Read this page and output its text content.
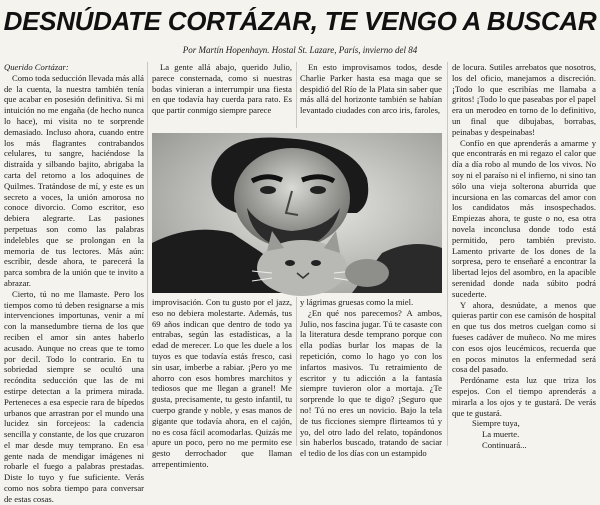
DESNÚDATE CORTÁZAR, TE VENGO A BUSCAR
Por Martín Hopenhayn. Hostal St. Lazare, París, invierno del 84

Querido Cortázar:

Como toda seducción llevada más allá de la cuenta, la nuestra también tenía que acabar en posesión definitiva. Si mi intuición no me engaña (de hecho nunca lo hace), mi visita no te sorprende demasiado. Incluso ahora, cuando entre los más flagrantes contrabandos celulares, tu sangre, haciéndose la distraída y silbando bajito, abrigaba la carta del retorno a los adoquines de Quilmes. Tratándose de mí, y este es un secreto a voces, la unión amorosa no conoce divorcio. Como escritor, eso debiera alegrarte. Las pasiones perpetuas son como las palabras indelebles que se prolongan en la memoria de tus lectores. Más aún: escribir, desde ahora, te parecerá la parca sombra de la unión que te invito a abrazar.

Cierto, tú no me llamaste. Pero los tiempos como tú deben resignarse a mis intervenciones importunas, venir a mí con la mansedumbre tierna de los que reciben el amor sin antes haberlo acusado. Aunque no creas que te tomo por decil. Todo lo contrario. En tu sobriedad siempre se ocultó una recóndita seducción que las de mi estirpe detectan a la primera mirada. Perteneces a esa especie rara de bípedos urbanos que arrastran por el mundo una lucidez sin forcejeos: la cadencia sencilla y constante, de los que cruzaron el mar desde muy temprano. En esa gente nada de mendigar imágenes ni robarle el fuego a palabras prestadas. Diste lo tuyo y fue suficiente. Verás como nos sobra tiempo para conversar de estas cosas.

La gente allá abajo, querido Julio, parece consternada, como si nuestras bodas vinieran a interrumpir una fiesta en que todavía hay cuerda para rato. Es que partir conmigo siempre parece

En esto improvisamos todos, desde Charlie Parker hasta esa maga que se despidió del Río de la Plata sin saber que más allá del horizonte también se habían levantado ciudades con arco iris, faroles,

improvisación. Con tu gusto por el jazz, eso no debiera molestarte. Además, tus 69 años indican que dentro de todo ya entrabas, según las estadísticas, a la edad de merecer. Lo que les duele a los tuyos es que todavía estás fresco, casi sin usar, imberbe a rabiar. ¡Pero yo me ahorro con esos hombres marchitos y tediosos que me llegan a granel! Me gusta, precisamente, tu gesto infantil, tu cuerpo grande y noble, y esas manos de gigante que todavía ahora, en el cajón, no es cosa fácil acomodarlas. Quizás me apure un poco, pero no me permito ese gesto derrochador que llaman arrepentimiento.

y lágrimas gruesas como la miel.

¿En qué nos parecemos? A ambos, Julio, nos fascina jugar. Tú te casaste con la literatura desde temprano porque con ella podías burlar los mapas de la repetición, como lo hago yo con los infartos masivos. Tu retraimiento de escritor y tu adicción a la fantasía siempre tuvieron olor a mortaja. ¿Te sorprende lo que te digo? ¡Seguro que no! Tú no eres un novicio. Bajo la tela de tus ficciones siempre flirteamos tú y yo, del otro lado del relato, topándonos sin haberlos buscado, tratando de saciar el tedio de los días con un estampido

de locura. Sutiles arrebatos que nosotros, los del oficio, manejamos a discreción. ¡Todo lo que escribías me llamaba a gritos! ¡Todo lo que paseabas por el papel era un merodeo en torno de lo definitivo, un final que dibujabas, borrabas, peinabas y despeinabas!

Confío en que aprenderás a amarme y que encontrarás en mi regazo el calor que día a día robo al mundo de los vivos. No soy ni el paraíso ni el infierno, ni sino tan sólo una vieja solterona aburrida que incursiona en las comarcas del amor con los candidatos más insospechados. Empiezas ahora, te guste o no, esa otra novela inconclusa donde todo está permitido, pero también previsto. Lamento privarte de los dones de la sorpresa, pero te enseñaré a encontrar la libertad lejos del asombro, en la apacible serenidad donde nada súbito podrá sucederte.

Y ahora, desnúdate, a menos que quieras partir con ese camisón de hospital en que tus dos metros cuelgan como si fueses cadáver de muñeco. No me mires con esos ojos leucémicos, recuerda que en pocos minutos la enfermedad será cosa del pasado.

Perdóname esta luz que triza los espejos. Con el tiempo aprenderás a mirarla a los ojos y te gustará. De verás que te gustará.

Siempre tuya,

La muerte.

Continuará...
